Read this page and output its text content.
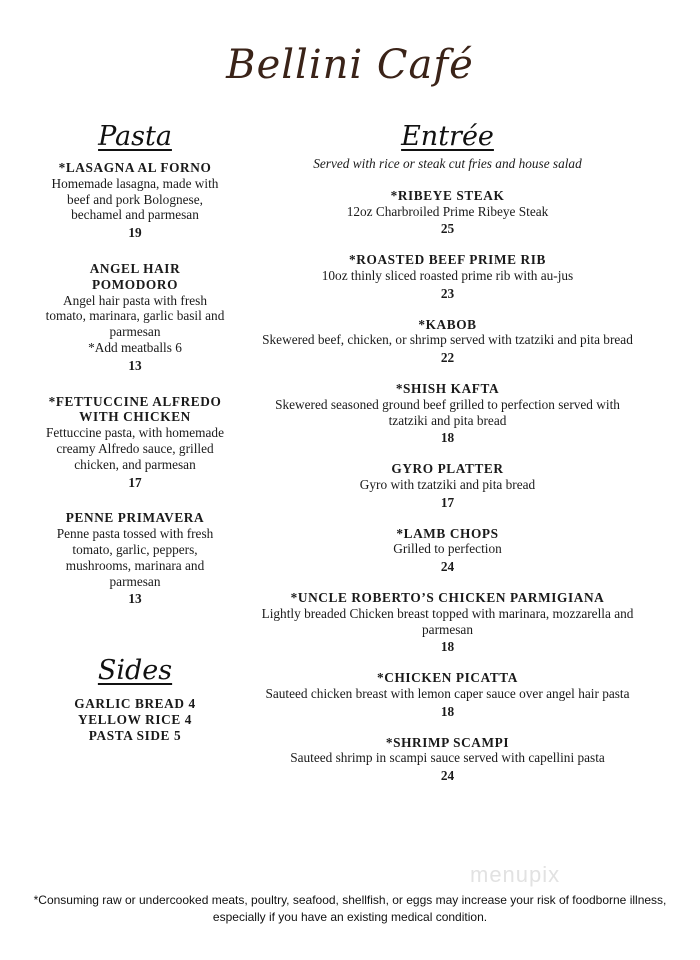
Bellini Café
Pasta
*LASAGNA AL FORNO
Homemade lasagna, made with beef and pork Bolognese, bechamel and parmesan
19
ANGEL HAIR POMODORO
Angel hair pasta with fresh tomato, marinara, garlic basil and parmesan
*Add meatballs 6
13
*FETTUCCINE ALFREDO WITH CHICKEN
Fettuccine pasta, with homemade creamy Alfredo sauce, grilled chicken, and parmesan
17
PENNE PRIMAVERA
Penne pasta tossed with fresh tomato, garlic, peppers, mushrooms, marinara and parmesan
13
Sides
GARLIC BREAD 4
YELLOW RICE 4
PASTA SIDE 5
Entrée
Served with rice or steak cut fries and house salad
*RIBEYE STEAK
12oz Charbroiled Prime Ribeye Steak
25
*ROASTED BEEF PRIME RIB
10oz thinly sliced roasted prime rib with au-jus
23
*KABOB
Skewered beef, chicken, or shrimp served with tzatziki and pita bread
22
*SHISH KAFTA
Skewered seasoned ground beef grilled to perfection served with tzatziki and pita bread
18
GYRO PLATTER
Gyro with tzatziki and pita bread
17
*LAMB CHOPS
Grilled to perfection
24
*UNCLE ROBERTO’S CHICKEN PARMIGIANA
Lightly breaded Chicken breast topped with marinara, mozzarella and parmesan
18
*CHICKEN PICATTA
Sauteed chicken breast with lemon caper sauce over angel hair pasta
18
*SHRIMP SCAMPI
Sauteed shrimp in scampi sauce served with capellini pasta
24
menupix
*Consuming raw or undercooked meats, poultry, seafood, shellfish, or eggs may increase your risk of foodborne illness, especially if you have an existing medical condition.
